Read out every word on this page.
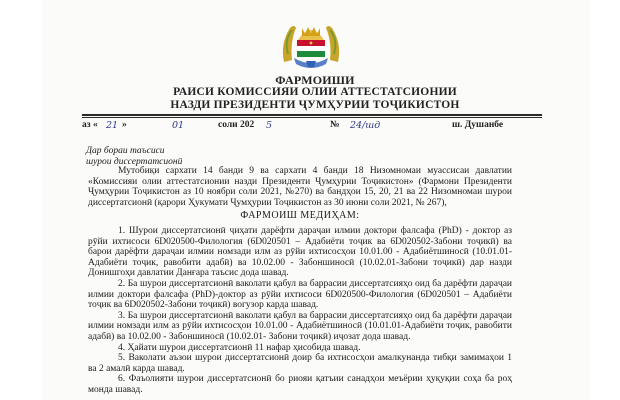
ФАРМОИШИ
РАИСИ КОМИССИЯИ ОЛИИ АТТЕСТАТСИОНИИ
НАЗДИ ПРЕЗИДЕНТИ ҶУМҲУРИИ ТОҶИКИСТОН
аз « 21 »	01	соли 202 5	№ 24/шд	ш. Душанбе
Дар бораи таъсиси
шурои диссертатсионӣ

Мутобиқи сархати 14 банди 9 ва сархати 4 банди 18 Низомномаи муассисаи давлатии «Комиссияи олии аттестатсионии назди Президенти Ҷумҳурии Тоҷикистон» (Фармони Президенти Ҷумҳурии Тоҷикистон аз 10 ноябри соли 2021, №270) ва бандҳои 15, 20, 21 ва 22 Низомномаи шурои диссертатсионӣ (қарори Ҳукумати Ҷумҳурии Тоҷикистон аз 30 июни соли 2021, № 267),

ФАРМОИШ МЕДИҲАМ:
1. Шурои диссертатсионӣ ҷиҳати дарёфти дараҷаи илмии доктори фалсафа (PhD) - доктор аз рӯйи ихтисоси 6D020500-Филология (6D020501 – Адабиёти тоҷик ва 6D020502-Забони тоҷикӣ) ва барои дарёфти дараҷаи илмии номзади илм аз рӯйи ихтисосҳои 10.01.00 - Адабиётшиносӣ (10.01.01-Адабиёти тоҷик, равобити адабӣ) ва 10.02.00 - Забоншиносӣ (10.02.01-Забони тоҷикӣ) дар назди Донишгоҳи давлатии Данғара таъсис дода шавад.
2. Ба шурои диссертатсионӣ ваколати қабул ва баррасии диссертатсияҳо оид ба дарёфти дараҷаи илмии доктори фалсафа (PhD)-доктор аз рӯйи ихтисоси 6D020500-Филология (6D020501 – Адабиёти тоҷик ва 6D020502-Забони тоҷикӣ) вогузор карда шавад.
3. Ба шурои диссертатсионӣ ваколати қабул ва баррасии диссертатсияҳо оид ба дарёфти дараҷаи илмии номзади илм аз рӯйи ихтисосҳои 10.01.00 - Адабиётшиносӣ (10.01.01-Адабиёти тоҷик, равобити адабӣ) ва 10.02.00 - Забоншиносӣ (10.02.01- Забони тоҷикӣ) иҷозат дода шавад.
4. Ҳайати шурои диссертатсионӣ 11 нафар ҳисобида шавад.
5. Ваколати аъзои шурои диссертатсионӣ доир ба ихтисосҳои амалкунанда тибқи замимаҳои 1 ва 2 амалӣ карда шавад.
6. Фаъолияти шурои диссертатсионӣ бо риояи қатъии санадҳои меъёрии ҳуқуқии соҳа ба роҳ монда шавад.
